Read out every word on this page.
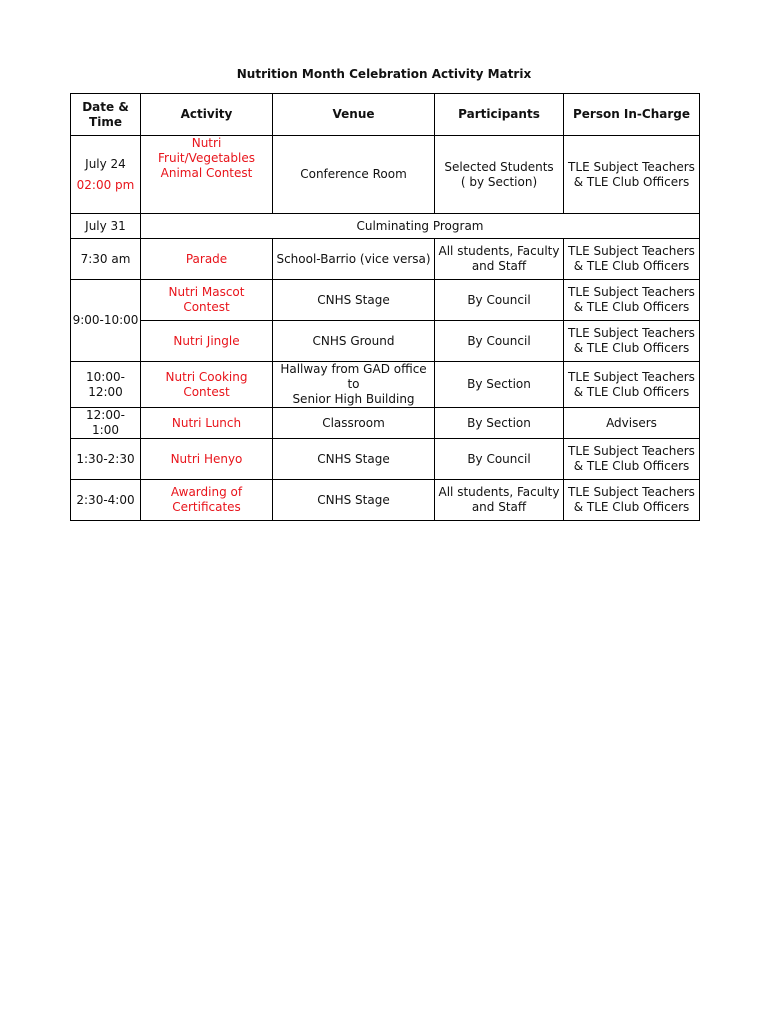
Nutrition Month Celebration Activity Matrix
Date &
Time	Activity	Venue	Participants	Person In-Charge

July 24
02:00 pm	Nutri
Fruit/Vegetables
Animal Contest	Conference Room	Selected Students
( by Section)	TLE Subject Teachers
& TLE Club Officers

July 31	Culminating Program			
7:30 am	Parade	School-Barrio (vice versa)	All students, Faculty
and Staff	TLE Subject Teachers
& TLE Club Officers

9:00-10:00	Nutri Mascot
Contest	CNHS Stage	By Council	TLE Subject Teachers
& TLE Club Officers

	Nutri Jingle	CNHS Ground	By Council	TLE Subject Teachers
& TLE Club Officers

10:00-
12:00	Nutri Cooking
Contest	Hallway from GAD office to
Senior High Building	By Section	TLE Subject Teachers
& TLE Club Officers

12:00- 1:00	Nutri Lunch	Classroom	By Section	Advisers
1:30-2:30	Nutri Henyo	CNHS Stage	By Council	TLE Subject Teachers
& TLE Club Officers

2:30-4:00	Awarding of
Certificates	CNHS Stage	All students, Faculty
and Staff	TLE Subject Teachers
& TLE Club Officers
